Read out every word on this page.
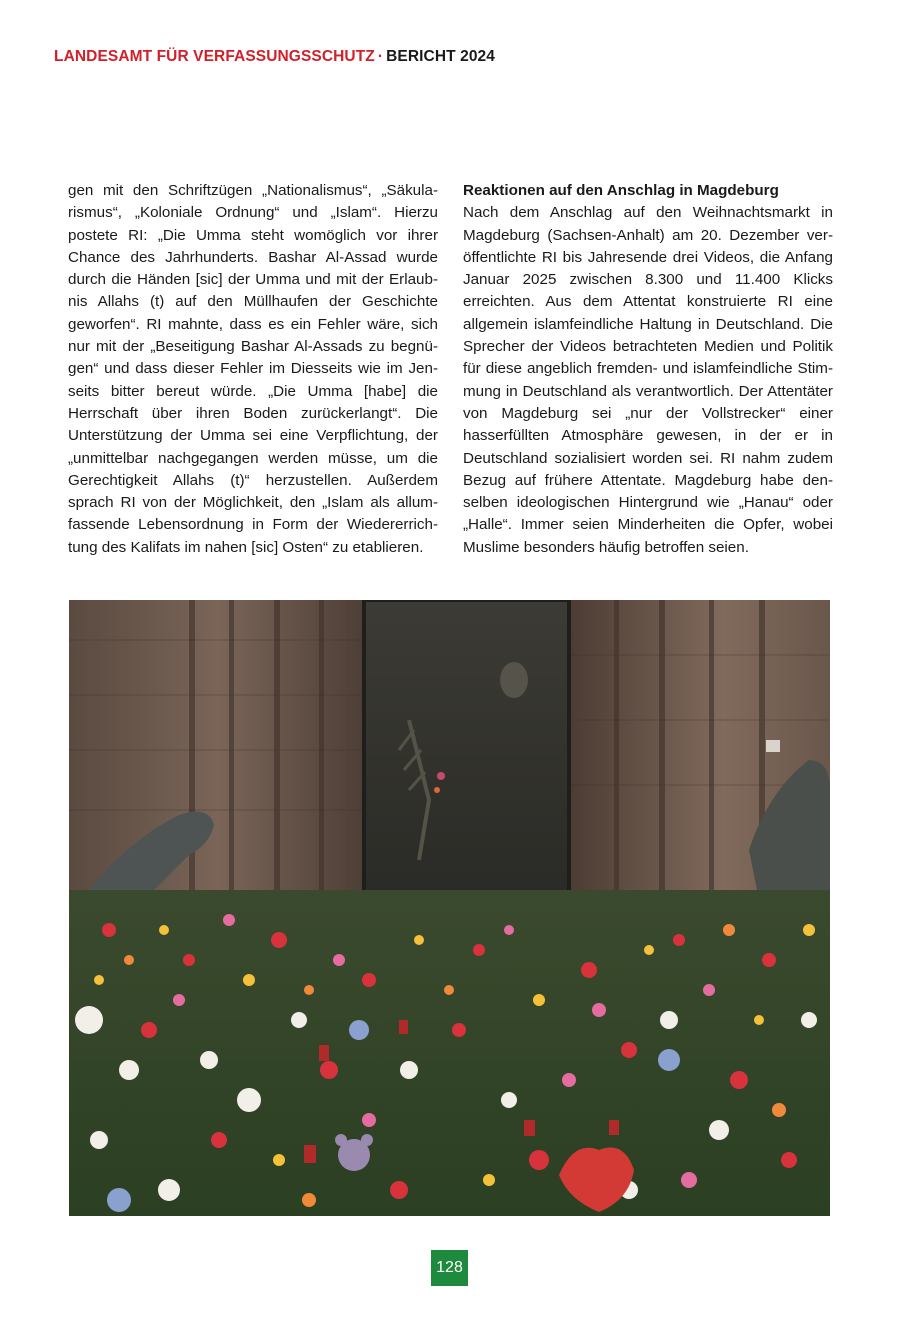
LANDESAMT FÜR VERFASSUNGSSCHUTZ · BERICHT 2024

gen mit den Schriftzügen „Nationalismus“, „Säkularismus“, „Koloniale Ordnung“ und „Islam“. Hierzu postete RI: „Die Umma steht womöglich vor ihrer Chance des Jahrhunderts. Bashar Al-Assad wurde durch die Händen [sic] der Umma und mit der Erlaubnis Allahs (t) auf den Müllhaufen der Geschichte geworfen“. RI mahnte, dass es ein Fehler wäre, sich nur mit der „Beseitigung Bashar Al-Assads zu begnügen“ und dass dieser Fehler im Diesseits wie im Jenseits bitter bereut würde. „Die Umma [habe] die Herrschaft über ihren Boden zurückerlangt“. Die Unterstützung der Umma sei eine Verpflichtung, der „unmittelbar nachgegangen werden müsse, um die Gerechtigkeit Allahs (t)“ herzustellen. Außerdem sprach RI von der Möglichkeit, den „Islam als allumfassende Lebensordnung in Form der Wiedererrichtung des Kalifats im nahen [sic] Osten“ zu etablieren.

Reaktionen auf den Anschlag in Magdeburg

Nach dem Anschlag auf den Weihnachtsmarkt in Magdeburg (Sachsen-Anhalt) am 20. Dezember veröffentlichte RI bis Jahresende drei Videos, die Anfang Januar 2025 zwischen 8.300 und 11.400 Klicks erreichten. Aus dem Attentat konstruierte RI eine allgemein islamfeindliche Haltung in Deutschland. Die Sprecher der Videos betrachteten Medien und Politik für diese angeblich fremden- und islamfeindliche Stimmung in Deutschland als verantwortlich. Der Attentäter von Magdeburg sei „nur der Vollstrecker“ einer hasserfüllten Atmosphäre gewesen, in der er in Deutschland sozialisiert worden sei. RI nahm zudem Bezug auf frühere Attentate. Magdeburg habe denselben ideologischen Hintergrund wie „Hanau“ oder „Halle“. Immer seien Minderheiten die Opfer, wobei Muslime besonders häufig betroffen seien.

128
